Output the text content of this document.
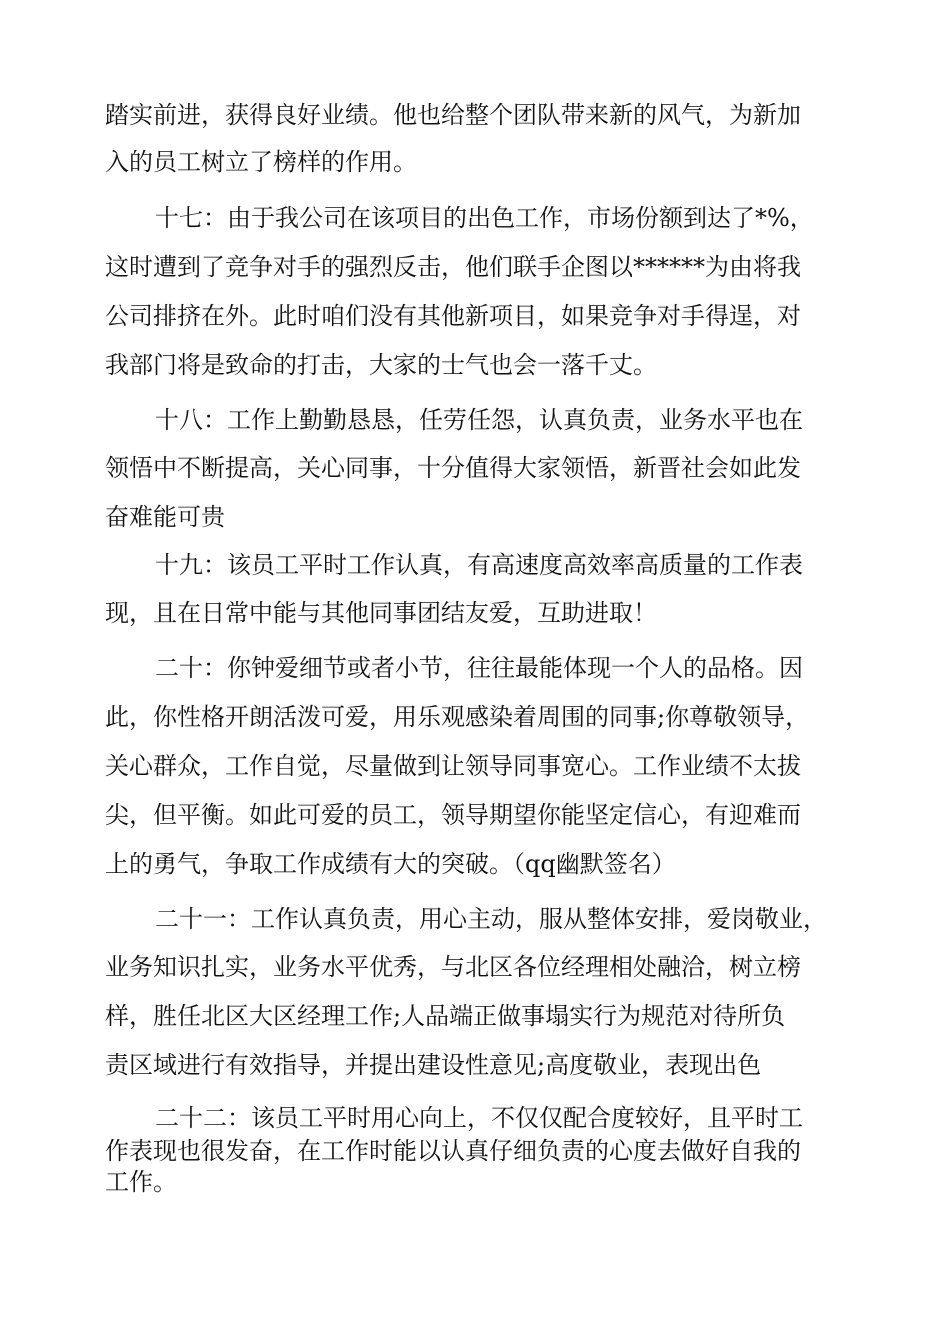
踏实前进，获得良好业绩。他也给整个团队带来新的风气，为新加

入的员工树立了榜样的作用。

十七：由于我公司在该项目的出色工作，市场份额到达了*%，

这时遭到了竞争对手的强烈反击，他们联手企图以******为由将我

公司排挤在外。此时咱们没有其他新项目，如果竞争对手得逞，对

我部门将是致命的打击，大家的士气也会一落千丈。

十八：工作上勤勤恳恳，任劳任怨，认真负责，业务水平也在

领悟中不断提高，关心同事，十分值得大家领悟，新晋社会如此发

奋难能可贵

十九：该员工平时工作认真，有高速度高效率高质量的工作表

现，且在日常中能与其他同事团结友爱，互助进取！

二十：你钟爱细节或者小节，往往最能体现一个人的品格。因

此，你性格开朗活泼可爱，用乐观感染着周围的同事;你尊敬领导，

关心群众，工作自觉，尽量做到让领导同事宽心。工作业绩不太拔

尖，但平衡。如此可爱的员工，领导期望你能坚定信心，有迎难而

上的勇气，争取工作成绩有大的突破。（qq幽默签名）

二十一：工作认真负责，用心主动，服从整体安排，爱岗敬业，

业务知识扎实，业务水平优秀，与北区各位经理相处融洽，树立榜

样，胜任北区大区经理工作;人品端正做事塌实行为规范对待所负

责区域进行有效指导，并提出建设性意见;高度敬业，表现出色

二十二：该员工平时用心向上，不仅仅配合度较好，且平时工

作表现也很发奋，在工作时能以认真仔细负责的心度去做好自我的

工作。
